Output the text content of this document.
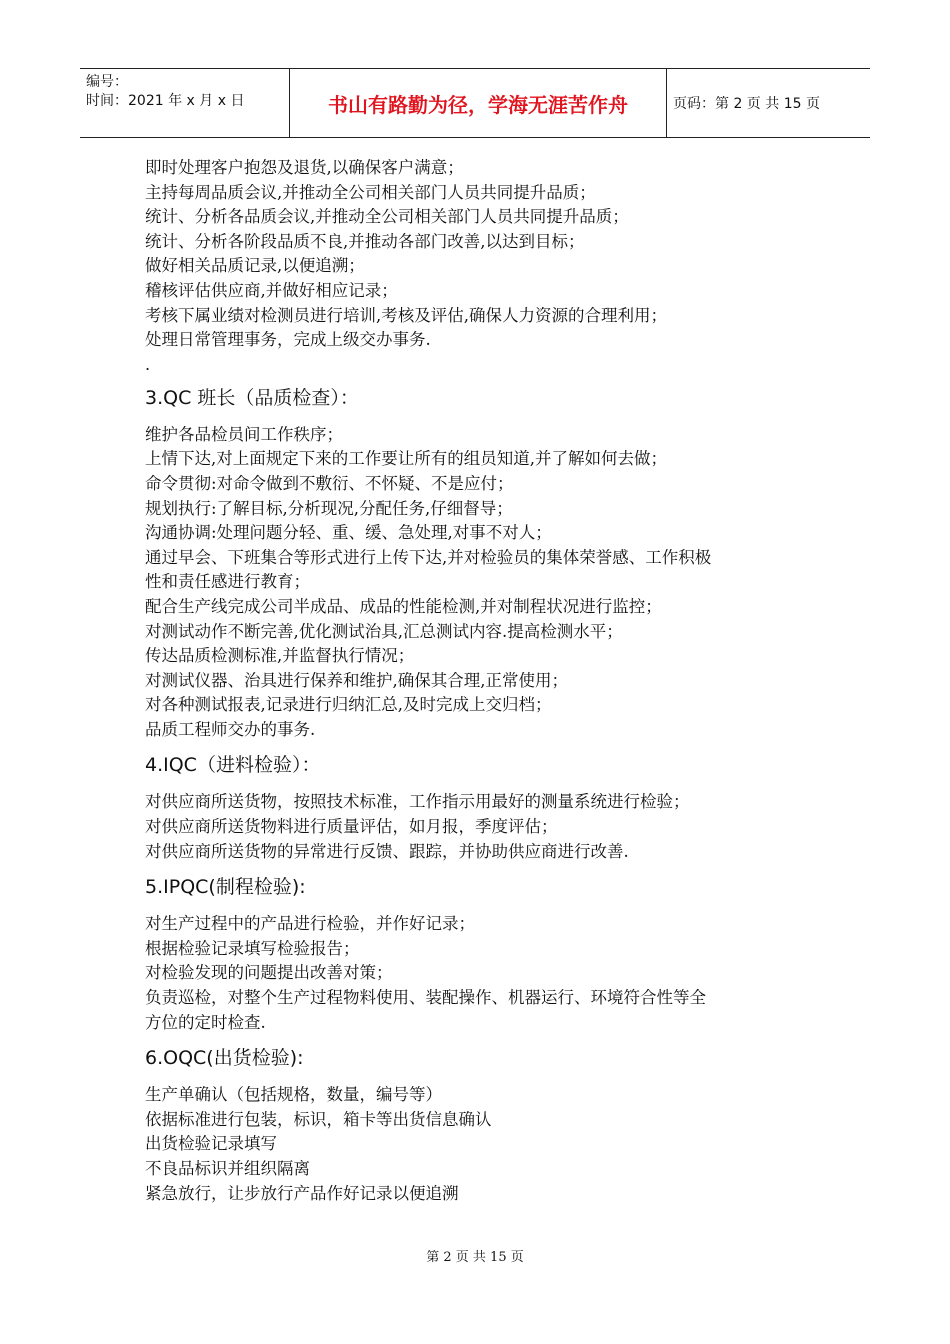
编号：
时间：2021 年 x 月 x 日	书山有路勤为径，学海无涯苦作舟	页码：第 2 页 共 15 页
即时处理客户抱怨及退货,以确保客户满意；
主持每周品质会议,并推动全公司相关部门人员共同提升品质；
统计、分析各品质会议,并推动全公司相关部门人员共同提升品质；
统计、分析各阶段品质不良,并推动各部门改善,以达到目标；
做好相关品质记录,以便追溯；
稽核评估供应商,并做好相应记录；
考核下属业绩对检测员进行培训,考核及评估,确保人力资源的合理利用；
处理日常管理事务，完成上级交办事务.
.
3.QC 班长（品质检查）：
维护各品检员间工作秩序；
上情下达,对上面规定下来的工作要让所有的组员知道,并了解如何去做；
命令贯彻:对命令做到不敷衍、不怀疑、不是应付；
规划执行:了解目标,分析现况,分配任务,仔细督导；
沟通协调:处理问题分轻、重、缓、急处理,对事不对人；
通过早会、下班集合等形式进行上传下达,并对检验员的集体荣誉感、工作积极
性和责任感进行教育；
配合生产线完成公司半成品、成品的性能检测,并对制程状况进行监控；
对测试动作不断完善,优化测试治具,汇总测试内容.提高检测水平；
传达品质检测标准,并监督执行情况；
对测试仪器、治具进行保养和维护,确保其合理,正常使用；
对各种测试报表,记录进行归纳汇总,及时完成上交归档；
品质工程师交办的事务.
4.IQC（进料检验）：
对供应商所送货物，按照技术标准，工作指示用最好的测量系统进行检验；
对供应商所送货物料进行质量评估，如月报，季度评估；
对供应商所送货物的异常进行反馈、跟踪，并协助供应商进行改善.
5.IPQC(制程检验):
对生产过程中的产品进行检验，并作好记录；
根据检验记录填写检验报告；
对检验发现的问题提出改善对策；
负责巡检，对整个生产过程物料使用、装配操作、机器运行、环境符合性等全
方位的定时检查.
6.OQC(出货检验):
生产单确认（包括规格，数量，编号等）
依据标准进行包装，标识，箱卡等出货信息确认
出货检验记录填写
不良品标识并组织隔离
紧急放行，让步放行产品作好记录以便追溯
第 2 页 共 15 页
